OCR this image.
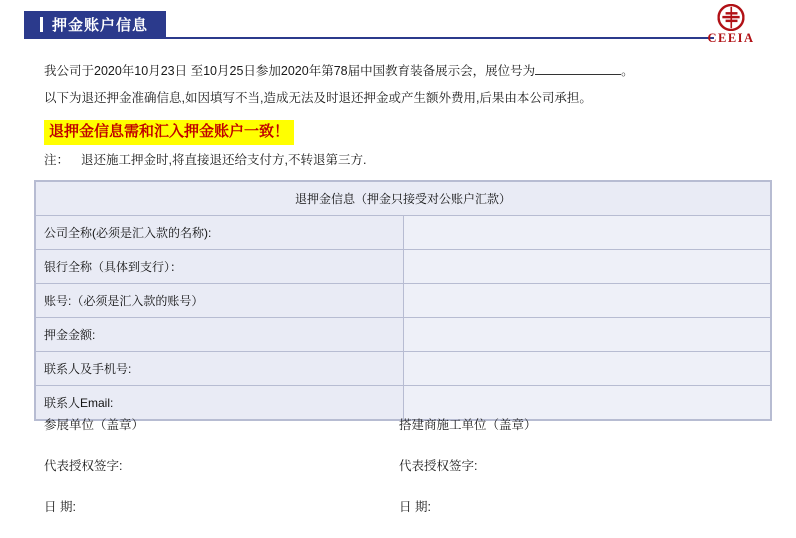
押金账户信息
CEEIA

我公司于2020年10月23日 至10月25日参加2020年第78届中国教育装备展示会，展位号为	。

以下为退还押金准确信息,如因填写不当,造成无法及时退还押金或产生额外费用,后果由本公司承担。

退押金信息需和汇入押金账户一致！

注： 退还施工押金时,将直接退还给支付方,不转退第三方.

退押金信息（押金只接受对公账户汇款）	
公司全称(必须是汇入款的名称):	
银行全称（具体到支行）：	
账号:（必须是汇入款的账号）	
押金金额:	
联系人及手机号:	
联系人Email:	
参展单位（盖章）	搭建商施工单位（盖章）
代表授权签字:	代表授权签字:
日 期:	日 期:
